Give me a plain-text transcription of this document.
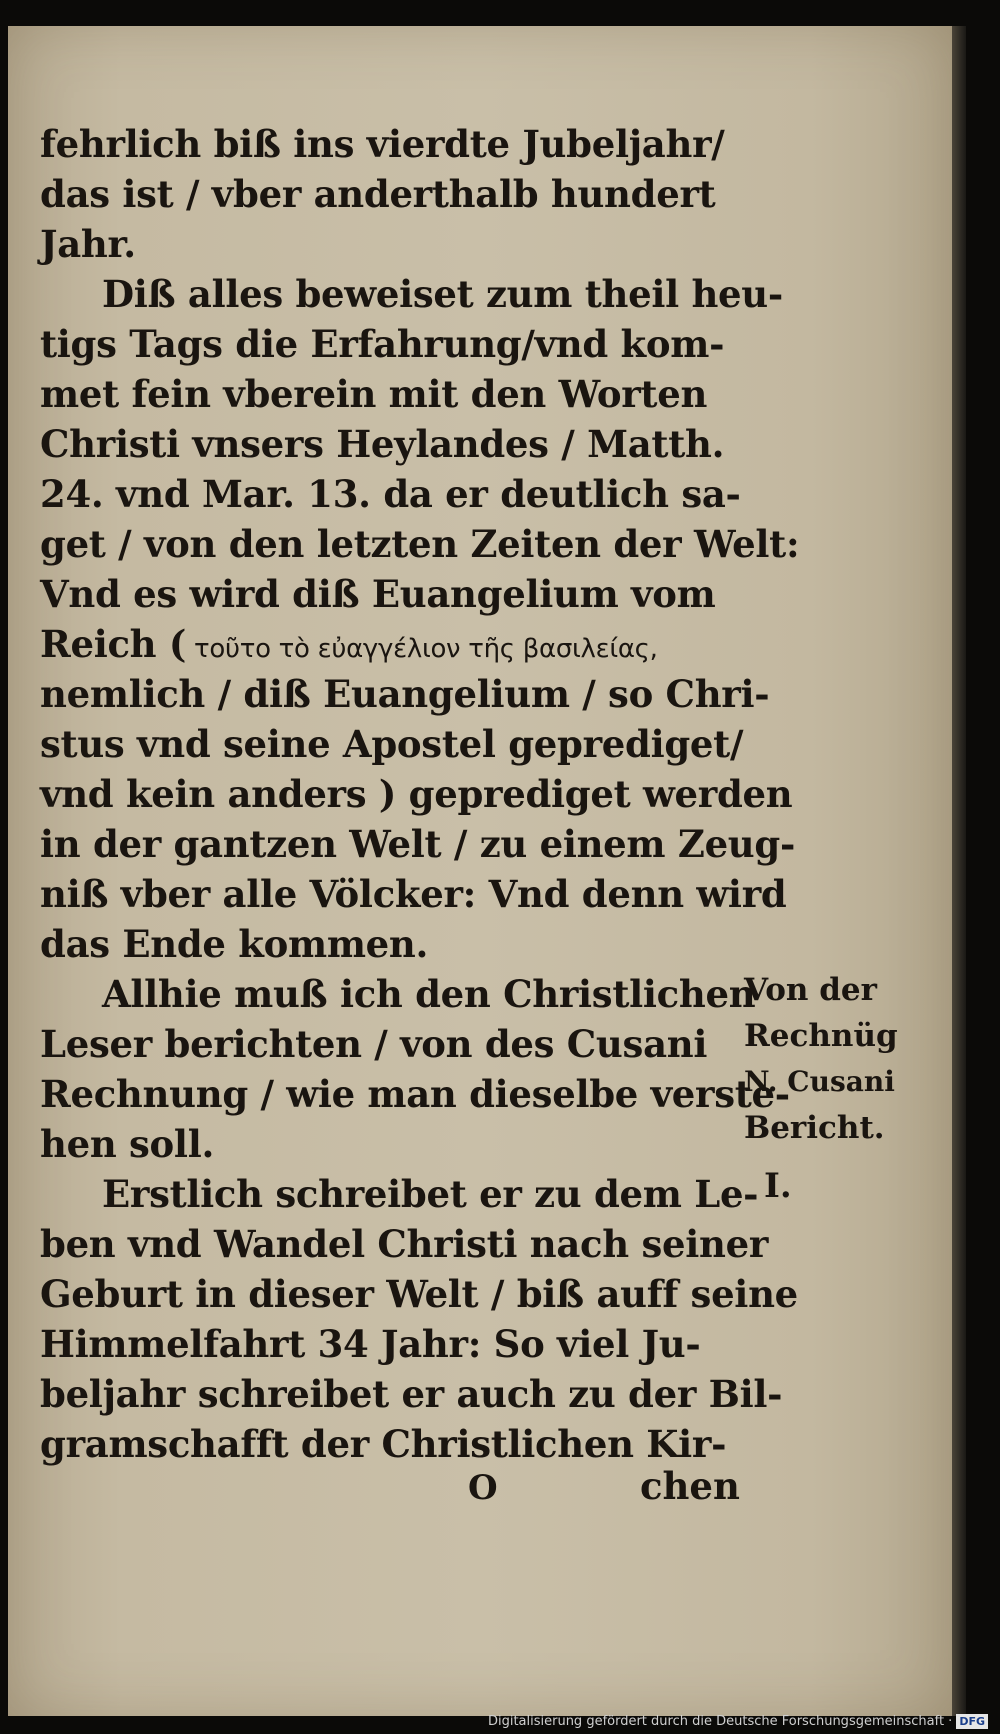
fehrlich biß ins vierdte Jubeljahr/
das ist / vber anderthalb hundert
Jahr.
Diß alles beweiset zum theil heu-
tigs Tags die Erfahrung/vnd kom-
met fein vberein mit den Worten
Christi vnsers Heylandes / Matth.
24. vnd Mar. 13. da er deutlich sa-
get / von den letzten Zeiten der Welt:
Vnd es wird diß Euangelium vom
Reich ( τοῦτο τὸ εὐαγγέλιον τῆς βασιλείας,
nemlich / diß Euangelium / so Chri-
stus vnd seine Apostel geprediget/
vnd kein anders ) geprediget werden
in der gantzen Welt / zu einem Zeug-
niß vber alle Völcker: Vnd denn wird
das Ende kommen.
Allhie muß ich den Christlichen
Leser berichten / von des Cusani
Rechnung / wie man dieselbe verste-
hen soll.
Erstlich schreibet er zu dem Le-
ben vnd Wandel Christi nach seiner
Geburt in dieser Welt / biß auff seine
Himmelfahrt 34 Jahr: So viel Ju-
beljahr schreibet er auch zu der Bil-
gramschafft der Christlichen Kir-
O	chen
Von der
Rechnüg
N. Cusani
Bericht.
I.
Digitalisierung gefördert durch die Deutsche Forschungsgemeinschaft · DFG
